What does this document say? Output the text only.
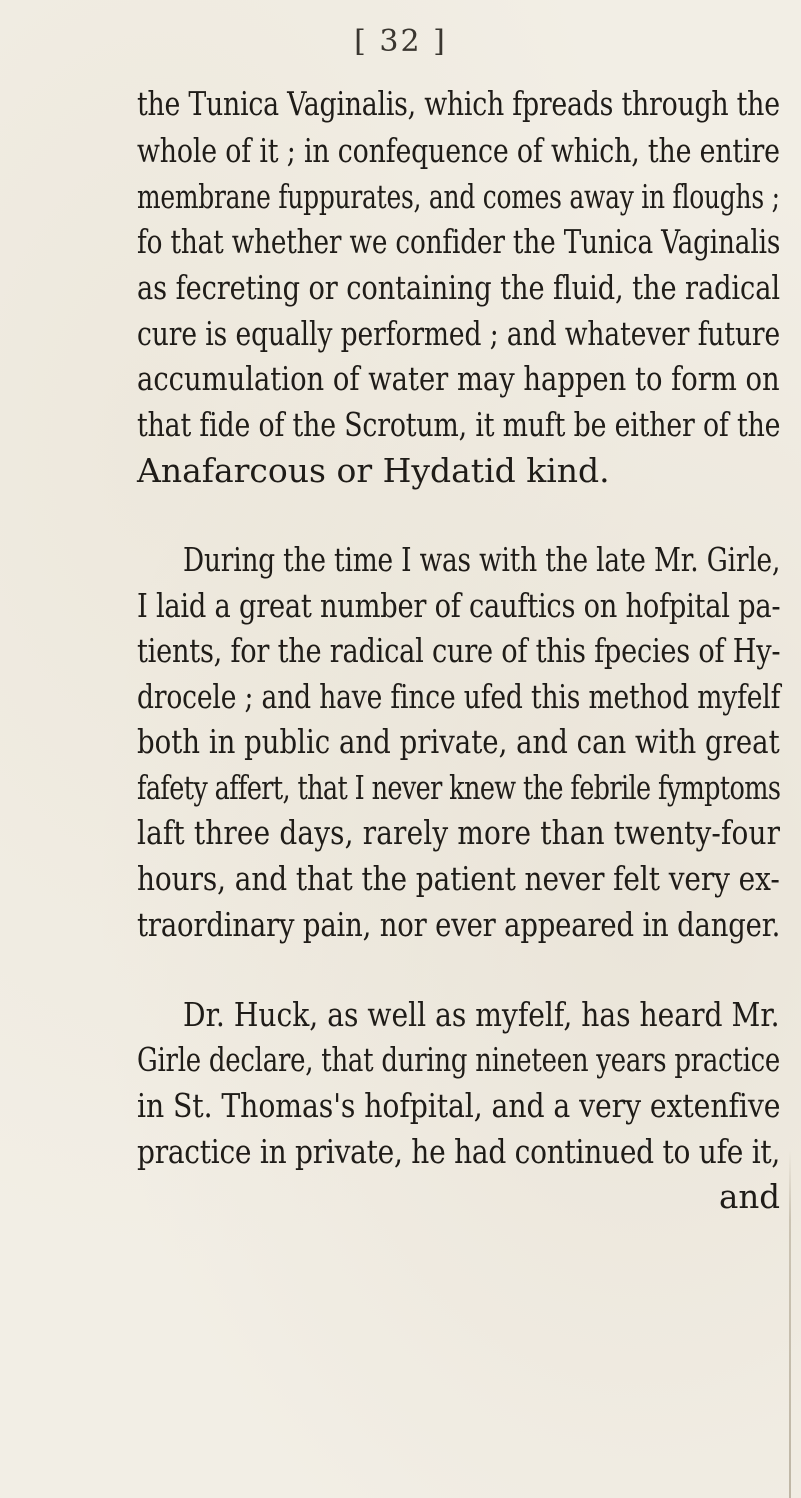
[ 32 ]
the Tunica Vaginalis, which fpreads through the
whole of it ; in confequence of which, the entire
membrane fuppurates, and comes away in floughs ;
fo that whether we confider the Tunica Vaginalis
as fecreting or containing the fluid, the radical
cure is equally performed ; and whatever future
accumulation of water may happen to form on
that fide of the Scrotum, it muft be either of the
Anafarcous or Hydatid kind.
During the time I was with the late Mr. Girle,
I laid a great number of cauftics on hofpital pa-
tients, for the radical cure of this fpecies of Hy-
drocele ; and have fince ufed this method myfelf
both in public and private, and can with great
fafety affert, that I never knew the febrile fymptoms
laft three days, rarely more than twenty-four
hours, and that the patient never felt very ex-
traordinary pain, nor ever appeared in danger.
Dr. Huck, as well as myfelf, has heard Mr.
Girle declare, that during nineteen years practice
in St. Thomas's hofpital, and a very extenfive
practice in private, he had continued to ufe it,
and
